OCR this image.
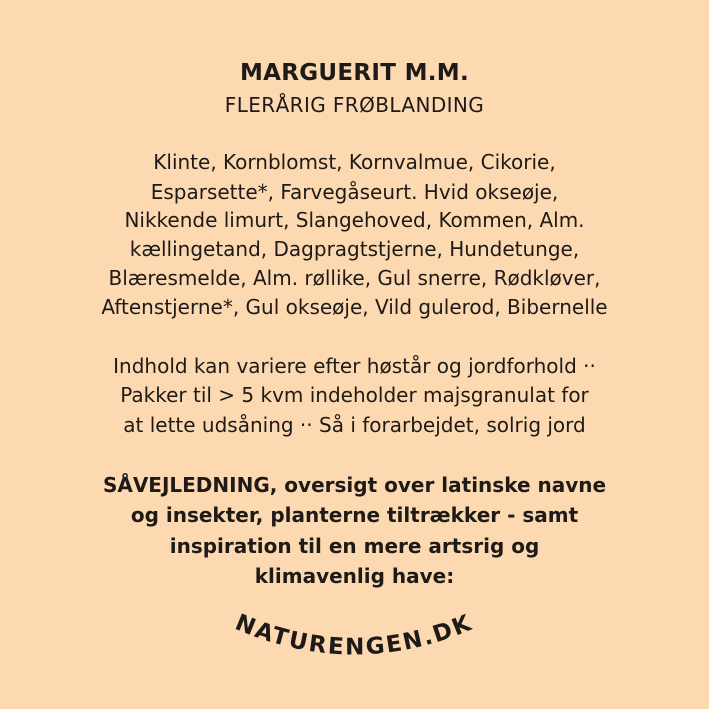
MARGUERIT M.M.
FLERÅRIG FRØBLANDING
Klinte, Kornblomst, Kornvalmue, Cikorie,
Esparsette*, Farvegåseurt. Hvid okseøje,
Nikkende limurt, Slangehoved, Kommen, Alm.
kællingetand, Dagpragtstjerne, Hundetunge,
Blæresmelde, Alm. røllike, Gul snerre, Rødkløver,
Aftenstjerne*, Gul okseøje, Vild gulerod, Bibernelle
Indhold kan variere efter høstår og jordforhold ··
Pakker til > 5 kvm indeholder majsgranulat for
at lette udsåning ·· Så i forarbejdet, solrig jord
SÅVEJLEDNING, oversigt over latinske navne
og insekter, planterne tiltrækker - samt
inspiration til en mere artsrig og
klimavenlig have:
NATURENGEN.DK
